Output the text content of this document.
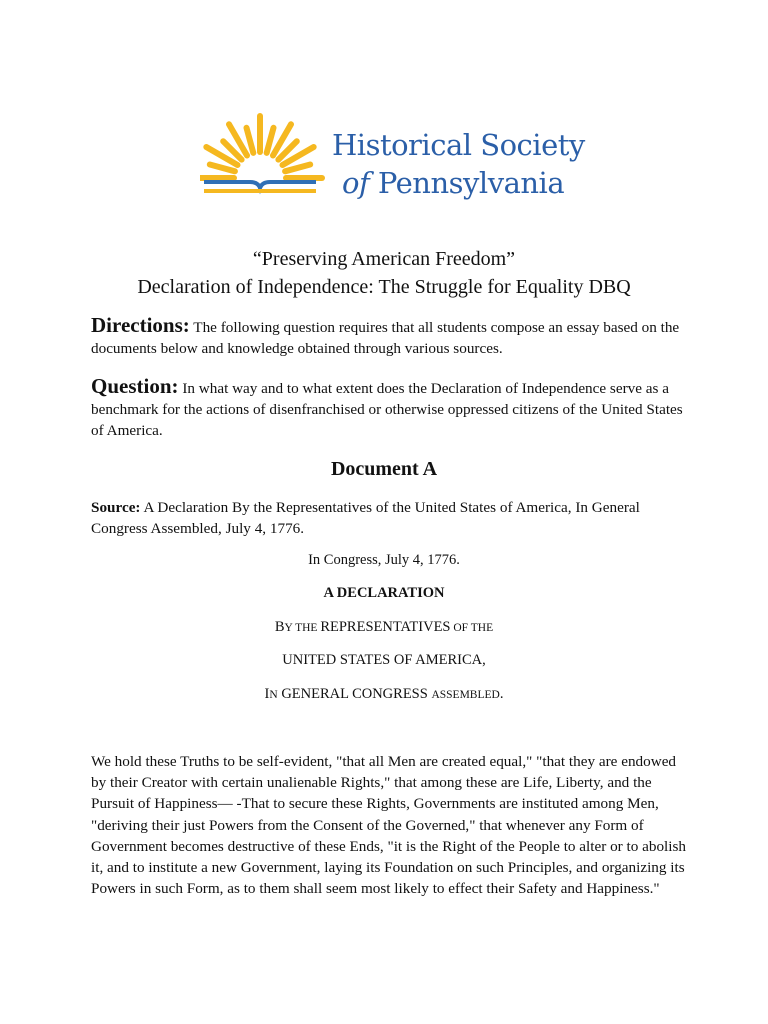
Historical Society
of Pennsylvania
“Preserving American Freedom”
Declaration of Independence: The Struggle for Equality DBQ
Directions: The following question requires that all students compose an essay based on the documents below and knowledge obtained through various sources.
Question: In what way and to what extent does the Declaration of Independence serve as a benchmark for the actions of disenfranchised or otherwise oppressed citizens of the United States of America.
Document A
Source: A Declaration By the Representatives of the United States of America, In General Congress Assembled, July 4, 1776.
In Congress, July 4, 1776.
A DECLARATION
BY THE REPRESENTATIVES OF THE
UNITED STATES OF AMERICA,
IN GENERAL CONGRESS ASSEMBLED.
We hold these Truths to be self-evident, "that all Men are created equal," "that they are endowed by their Creator with certain unalienable Rights," that among these are Life, Liberty, and the Pursuit of Happiness— -That to secure these Rights, Governments are instituted among Men, "deriving their just Powers from the Consent of the Governed," that whenever any Form of Government becomes destructive of these Ends, "it is the Right of the People to alter or to abolish it, and to institute a new Government, laying its Foundation on such Principles, and organizing its Powers in such Form, as to them shall seem most likely to effect their Safety and Happiness."
